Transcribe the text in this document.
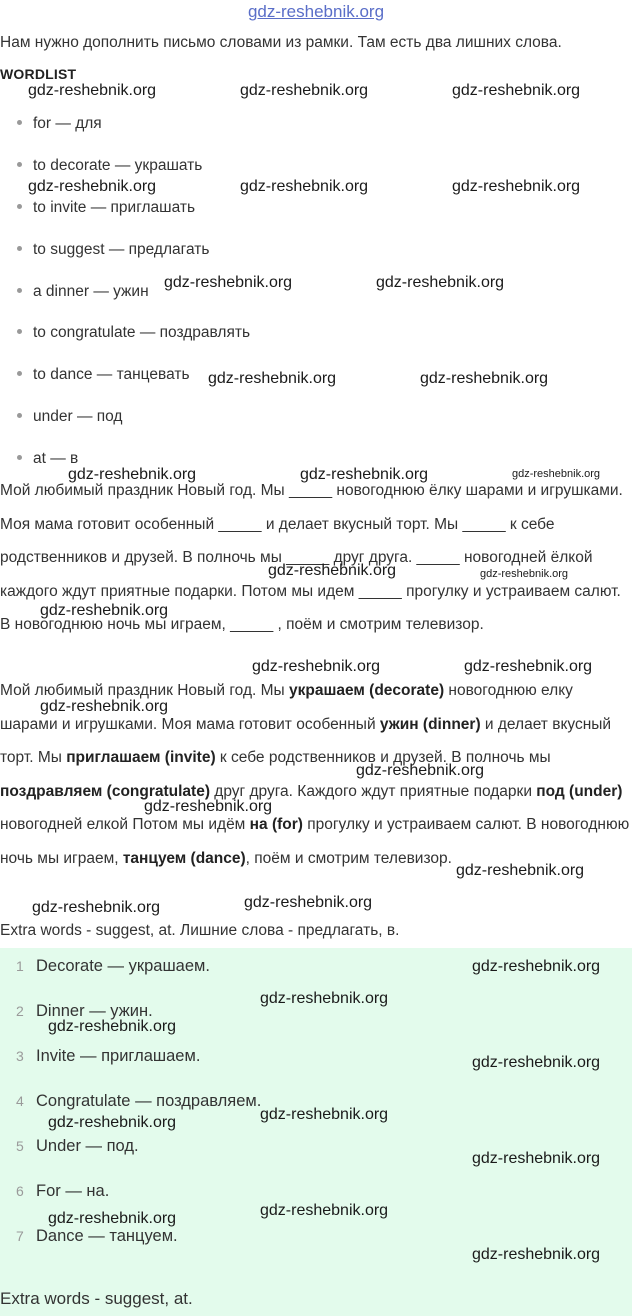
gdz-reshebnik.org
Нам нужно дополнить письмо словами из рамки. Там есть два лишних слова.
WORDLIST
for — для
to decorate — украшать
to invite — приглашать
to suggest — предлагать
a dinner — ужин
to congratulate — поздравлять
to dance — танцевать
under — под
at — в
Мой любимый праздник Новый год. Мы _____ новогоднюю ёлку шарами и игрушками. Моя мама готовит особенный _____ и делает вкусный торт. Мы _____ к себе родственников и друзей. В полночь мы _____ друг друга. _____ новогодней ёлкой каждого ждут приятные подарки. Потом мы идем _____ прогулку и устраиваем салют. В новогоднюю ночь мы играем, _____ , поём и смотрим телевизор.
Мой любимый праздник Новый год. Мы украшаем (decorate) новогоднюю елку шарами и игрушками. Моя мама готовит особенный ужин (dinner) и делает вкусный торт. Мы приглашаем (invite) к себе родственников и друзей. В полночь мы поздравляем (congratulate) друг друга. Каждого ждут приятные подарки под (under) новогодней елкой Потом мы идём на (for) прогулку и устраиваем салют. В новогоднюю ночь мы играем, танцуем (dance), поём и смотрим телевизор.
Extra words - suggest, at. Лишние слова - предлагать, в.
1 Decorate — украшаем.
2 Dinner — ужин.
3 Invite — приглашаем.
4 Congratulate — поздравляем.
5 Under — под.
6 For — на.
7 Dance — танцуем.
Extra words - suggest, at.
gdz-reshebnik.org	gdz-reshebnik.org	gdz-reshebnik.org
gdz-reshebnik.org	gdz-reshebnik.org	gdz-reshebnik.org
gdz-reshebnik.org	gdz-reshebnik.org
gdz-reshebnik.org	gdz-reshebnik.org
gdz-reshebnik.org	gdz-reshebnik.org	gdz-reshebnik.org
gdz-reshebnik.org	gdz-reshebnik.org
gdz-reshebnik.org
gdz-reshebnik.org	gdz-reshebnik.org
gdz-reshebnik.org
gdz-reshebnik.org
gdz-reshebnik.org
gdz-reshebnik.org
gdz-reshebnik.org	gdz-reshebnik.org
gdz-reshebnik.org
gdz-reshebnik.org
gdz-reshebnik.org
gdz-reshebnik.org
gdz-reshebnik.org
gdz-reshebnik.org
gdz-reshebnik.org
gdz-reshebnik.org
gdz-reshebnik.org
gdz-reshebnik.org
